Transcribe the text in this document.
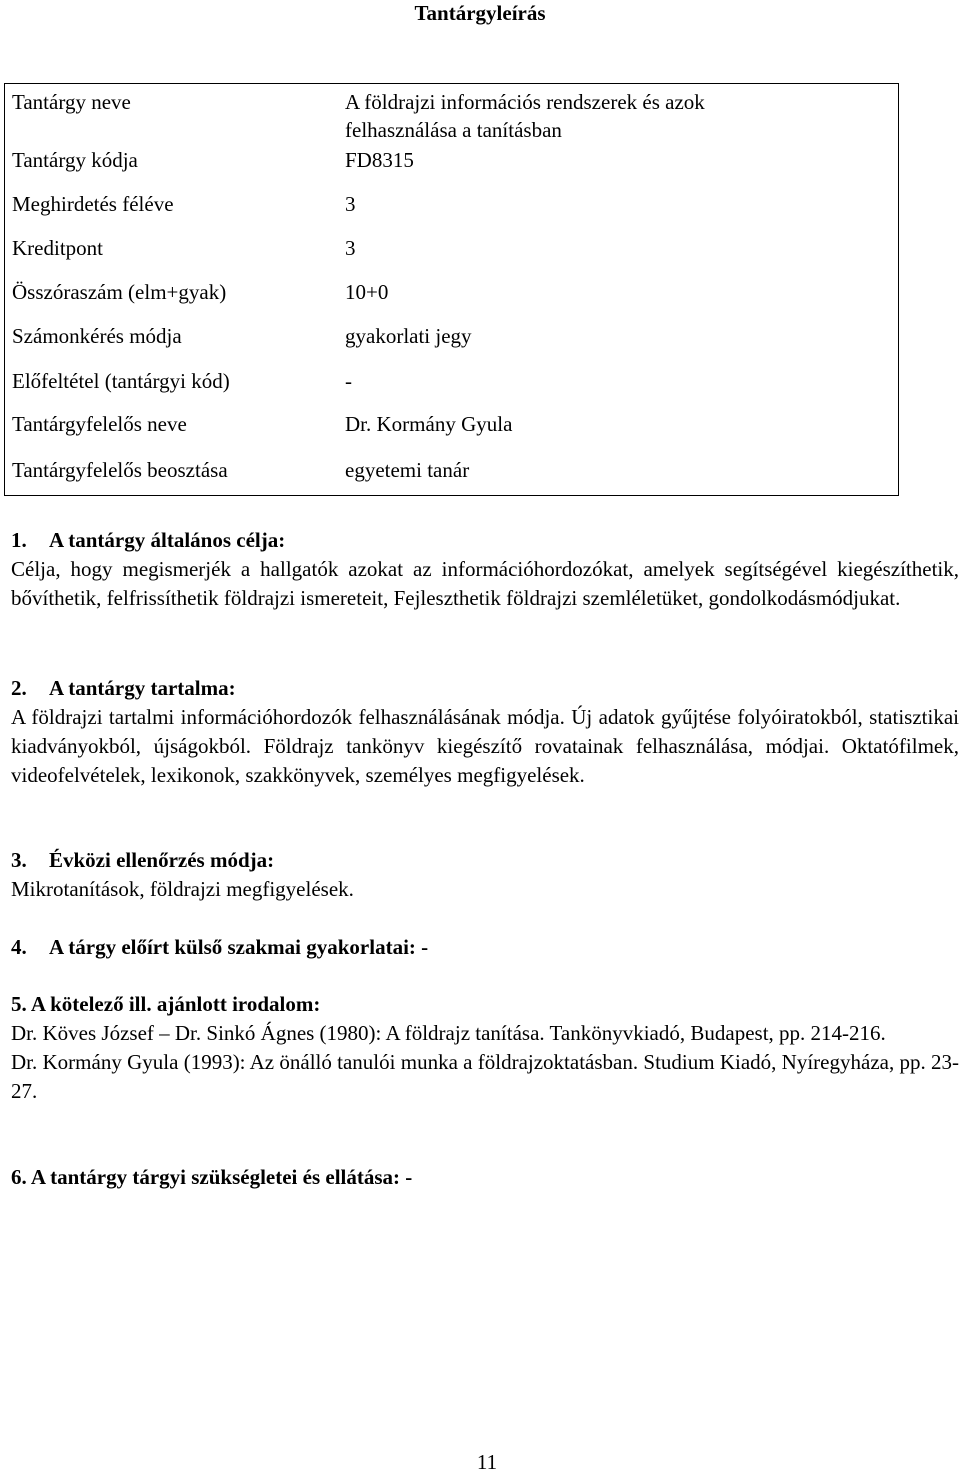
Tantárgyleírás
Tantárgy neve	A földrajzi információs rendszerek és azok
felhasználása a tanításban
Tantárgy kódja	FD8315
Meghirdetés féléve	3
Kreditpont	3
Összóraszám (elm+gyak)	10+0
Számonkérés módja	gyakorlati jegy
Előfeltétel (tantárgyi kód)	-
Tantárgyfelelős neve	Dr. Kormány Gyula
Tantárgyfelelős beosztása	egyetemi tanár
1. A tantárgy általános célja:
Célja, hogy megismerjék a hallgatók azokat az információhordozókat, amelyek segítségével kiegészíthetik, bővíthetik, felfrissíthetik földrajzi ismereteit, Fejleszthetik földrajzi szemléletüket, gondolkodásmódjukat.
2. A tantárgy tartalma:
A földrajzi tartalmi információhordozók felhasználásának módja. Új adatok gyűjtése folyóiratokból, statisztikai kiadványokból, újságokból. Földrajz tankönyv kiegészítő rovatainak felhasználása, módjai. Oktatófilmek, videofelvételek, lexikonok, szakkönyvek, személyes megfigyelések.
3. Évközi ellenőrzés módja:
Mikrotanítások, földrajzi megfigyelések.
4. A tárgy előírt külső szakmai gyakorlatai: -
5. A kötelező ill. ajánlott irodalom:
Dr. Köves József – Dr. Sinkó Ágnes (1980): A földrajz tanítása. Tankönyvkiadó, Budapest, pp. 214-216.
Dr. Kormány Gyula (1993): Az önálló tanulói munka a földrajzoktatásban. Studium Kiadó, Nyíregyháza, pp. 23-27.
6. A tantárgy tárgyi szükségletei és ellátása: -
11
